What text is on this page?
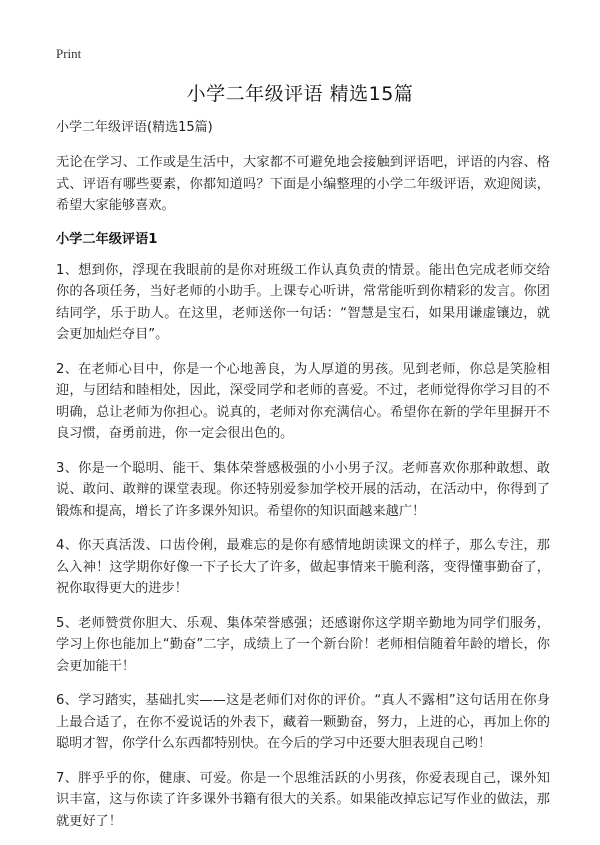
Print
小学二年级评语 精选15篇

小学二年级评语(精选15篇)

无论在学习、工作或是生活中，大家都不可避免地会接触到评语吧，评语的内容、格式、评语有哪些要素，你都知道吗？下面是小编整理的小学二年级评语，欢迎阅读，希望大家能够喜欢。

小学二年级评语1

1、想到你，浮现在我眼前的是你对班级工作认真负责的情景。能出色完成老师交给你的各项任务，当好老师的小助手。上课专心听讲，常常能听到你精彩的发言。你团结同学，乐于助人。在这里，老师送你一句话：“智慧是宝石，如果用谦虚镶边，就会更加灿烂夺目”。

2、在老师心目中，你是一个心地善良，为人厚道的男孩。见到老师，你总是笑脸相迎，与团结和睦相处，因此，深受同学和老师的喜爱。不过，老师觉得你学习目的不明确，总让老师为你担心。说真的，老师对你充满信心。希望你在新的学年里摒开不良习惯，奋勇前进，你一定会很出色的。

3、你是一个聪明、能干、集体荣誉感极强的小小男子汉。老师喜欢你那种敢想、敢说、敢问、敢辩的课堂表现。你还特别爱参加学校开展的活动，在活动中，你得到了锻炼和提高，增长了许多课外知识。希望你的知识面越来越广！

4、你天真活泼、口齿伶俐，最难忘的是你有感情地朗读课文的样子，那么专注，那么入神！这学期你好像一下子长大了许多，做起事情来干脆利落，变得懂事勤奋了，祝你取得更大的进步！

5、老师赞赏你胆大、乐观、集体荣誉感强；还感谢你这学期辛勤地为同学们服务，学习上你也能加上“勤奋”二字，成绩上了一个新台阶！老师相信随着年龄的增长，你会更加能干！

6、学习踏实，基础扎实——这是老师们对你的评价。“真人不露相”这句话用在你身上最合适了，在你不爱说话的外表下，藏着一颗勤奋，努力，上进的心，再加上你的聪明才智，你学什么东西都特别快。在今后的学习中还要大胆表现自己哟！

7、胖乎乎的你，健康、可爱。你是一个思维活跃的小男孩，你爱表现自己，课外知识丰富，这与你读了许多课外书籍有很大的关系。如果能改掉忘记写作业的做法，那就更好了！
